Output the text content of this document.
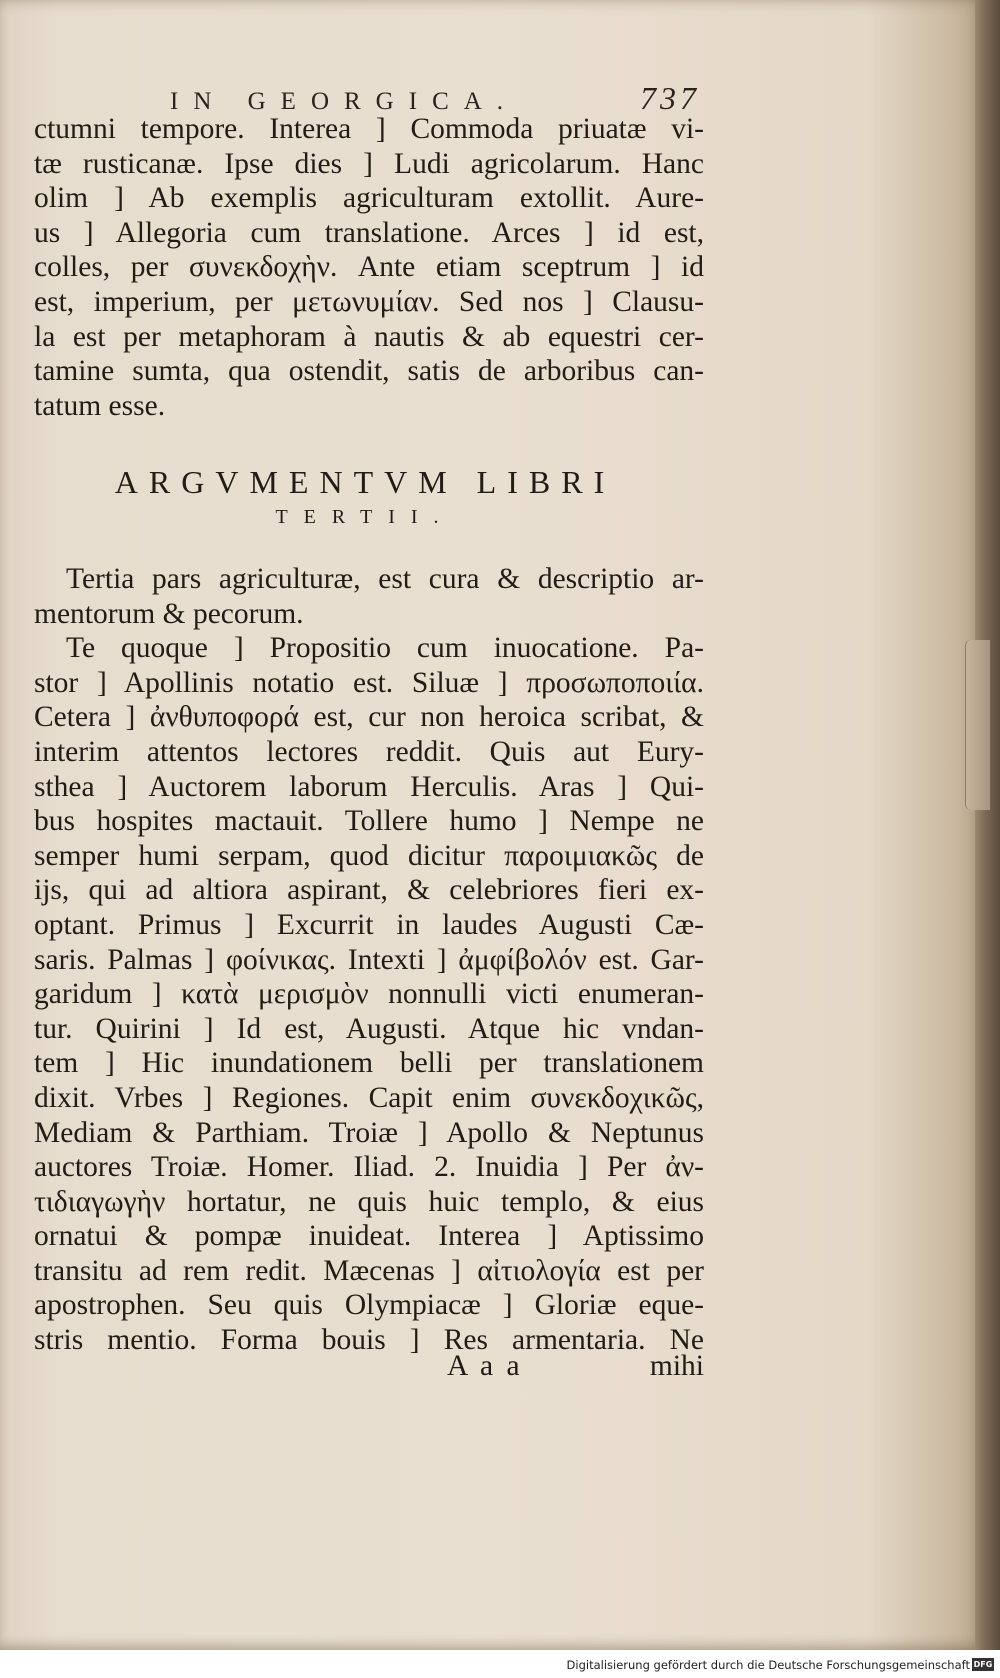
IN GEORGICA.	737
ctumni tempore. Interea ] Commoda priuatæ vi-
tæ rusticanæ. Ipse dies ] Ludi agricolarum. Hanc
olim ] Ab exemplis agriculturam extollit. Aure-
us ] Allegoria cum translatione. Arces ] id est,
colles, per συνεκδοχὴν. Ante etiam sceptrum ] id
est, imperium, per μετωνυμίαν. Sed nos ] Clausu-
la est per metaphoram à nautis & ab equestri cer-
tamine sumta, qua ostendit, satis de arboribus can-
tatum esse.
ARGVMENTVM LIBRI
TERTII.
Tertia pars agriculturæ, est cura & descriptio ar-
mentorum & pecorum.
Te quoque ] Propositio cum inuocatione. Pa-
stor ] Apollinis notatio est. Siluæ ] προσωποποιία.
Cetera ] ἀνθυποφορά est, cur non heroica scribat, &
interim attentos lectores reddit. Quis aut Eury-
sthea ] Auctorem laborum Herculis. Aras ] Qui-
bus hospites mactauit. Tollere humo ] Nempe ne
semper humi serpam, quod dicitur παροιμιακῶς de
ijs, qui ad altiora aspirant, & celebriores fieri ex-
optant. Primus ] Excurrit in laudes Augusti Cæ-
saris. Palmas ] φοίνικας. Intexti ] ἀμφίβολόν est. Gar-
garidum ] κατὰ μερισμὸν nonnulli victi enumeran-
tur. Quirini ] Id est, Augusti. Atque hic vndan-
tem ] Hic inundationem belli per translationem
dixit. Vrbes ] Regiones. Capit enim συνεκδοχικῶς,
Mediam & Parthiam. Troiæ ] Apollo & Neptunus
auctores Troiæ. Homer. Iliad. 2. Inuidia ] Per ἀν-
τιδιαγωγὴν hortatur, ne quis huic templo, & eius
ornatui & pompæ inuideat. Interea ] Aptissimo
transitu ad rem redit. Mæcenas ] αἰτιολογία est per
apostrophen. Seu quis Olympiacæ ] Gloriæ eque-
stris mentio. Forma bouis ] Res armentaria. Ne
A a a	mihi
Digitalisierung gefördert durch die Deutsche Forschungsgemeinschaft DFG
